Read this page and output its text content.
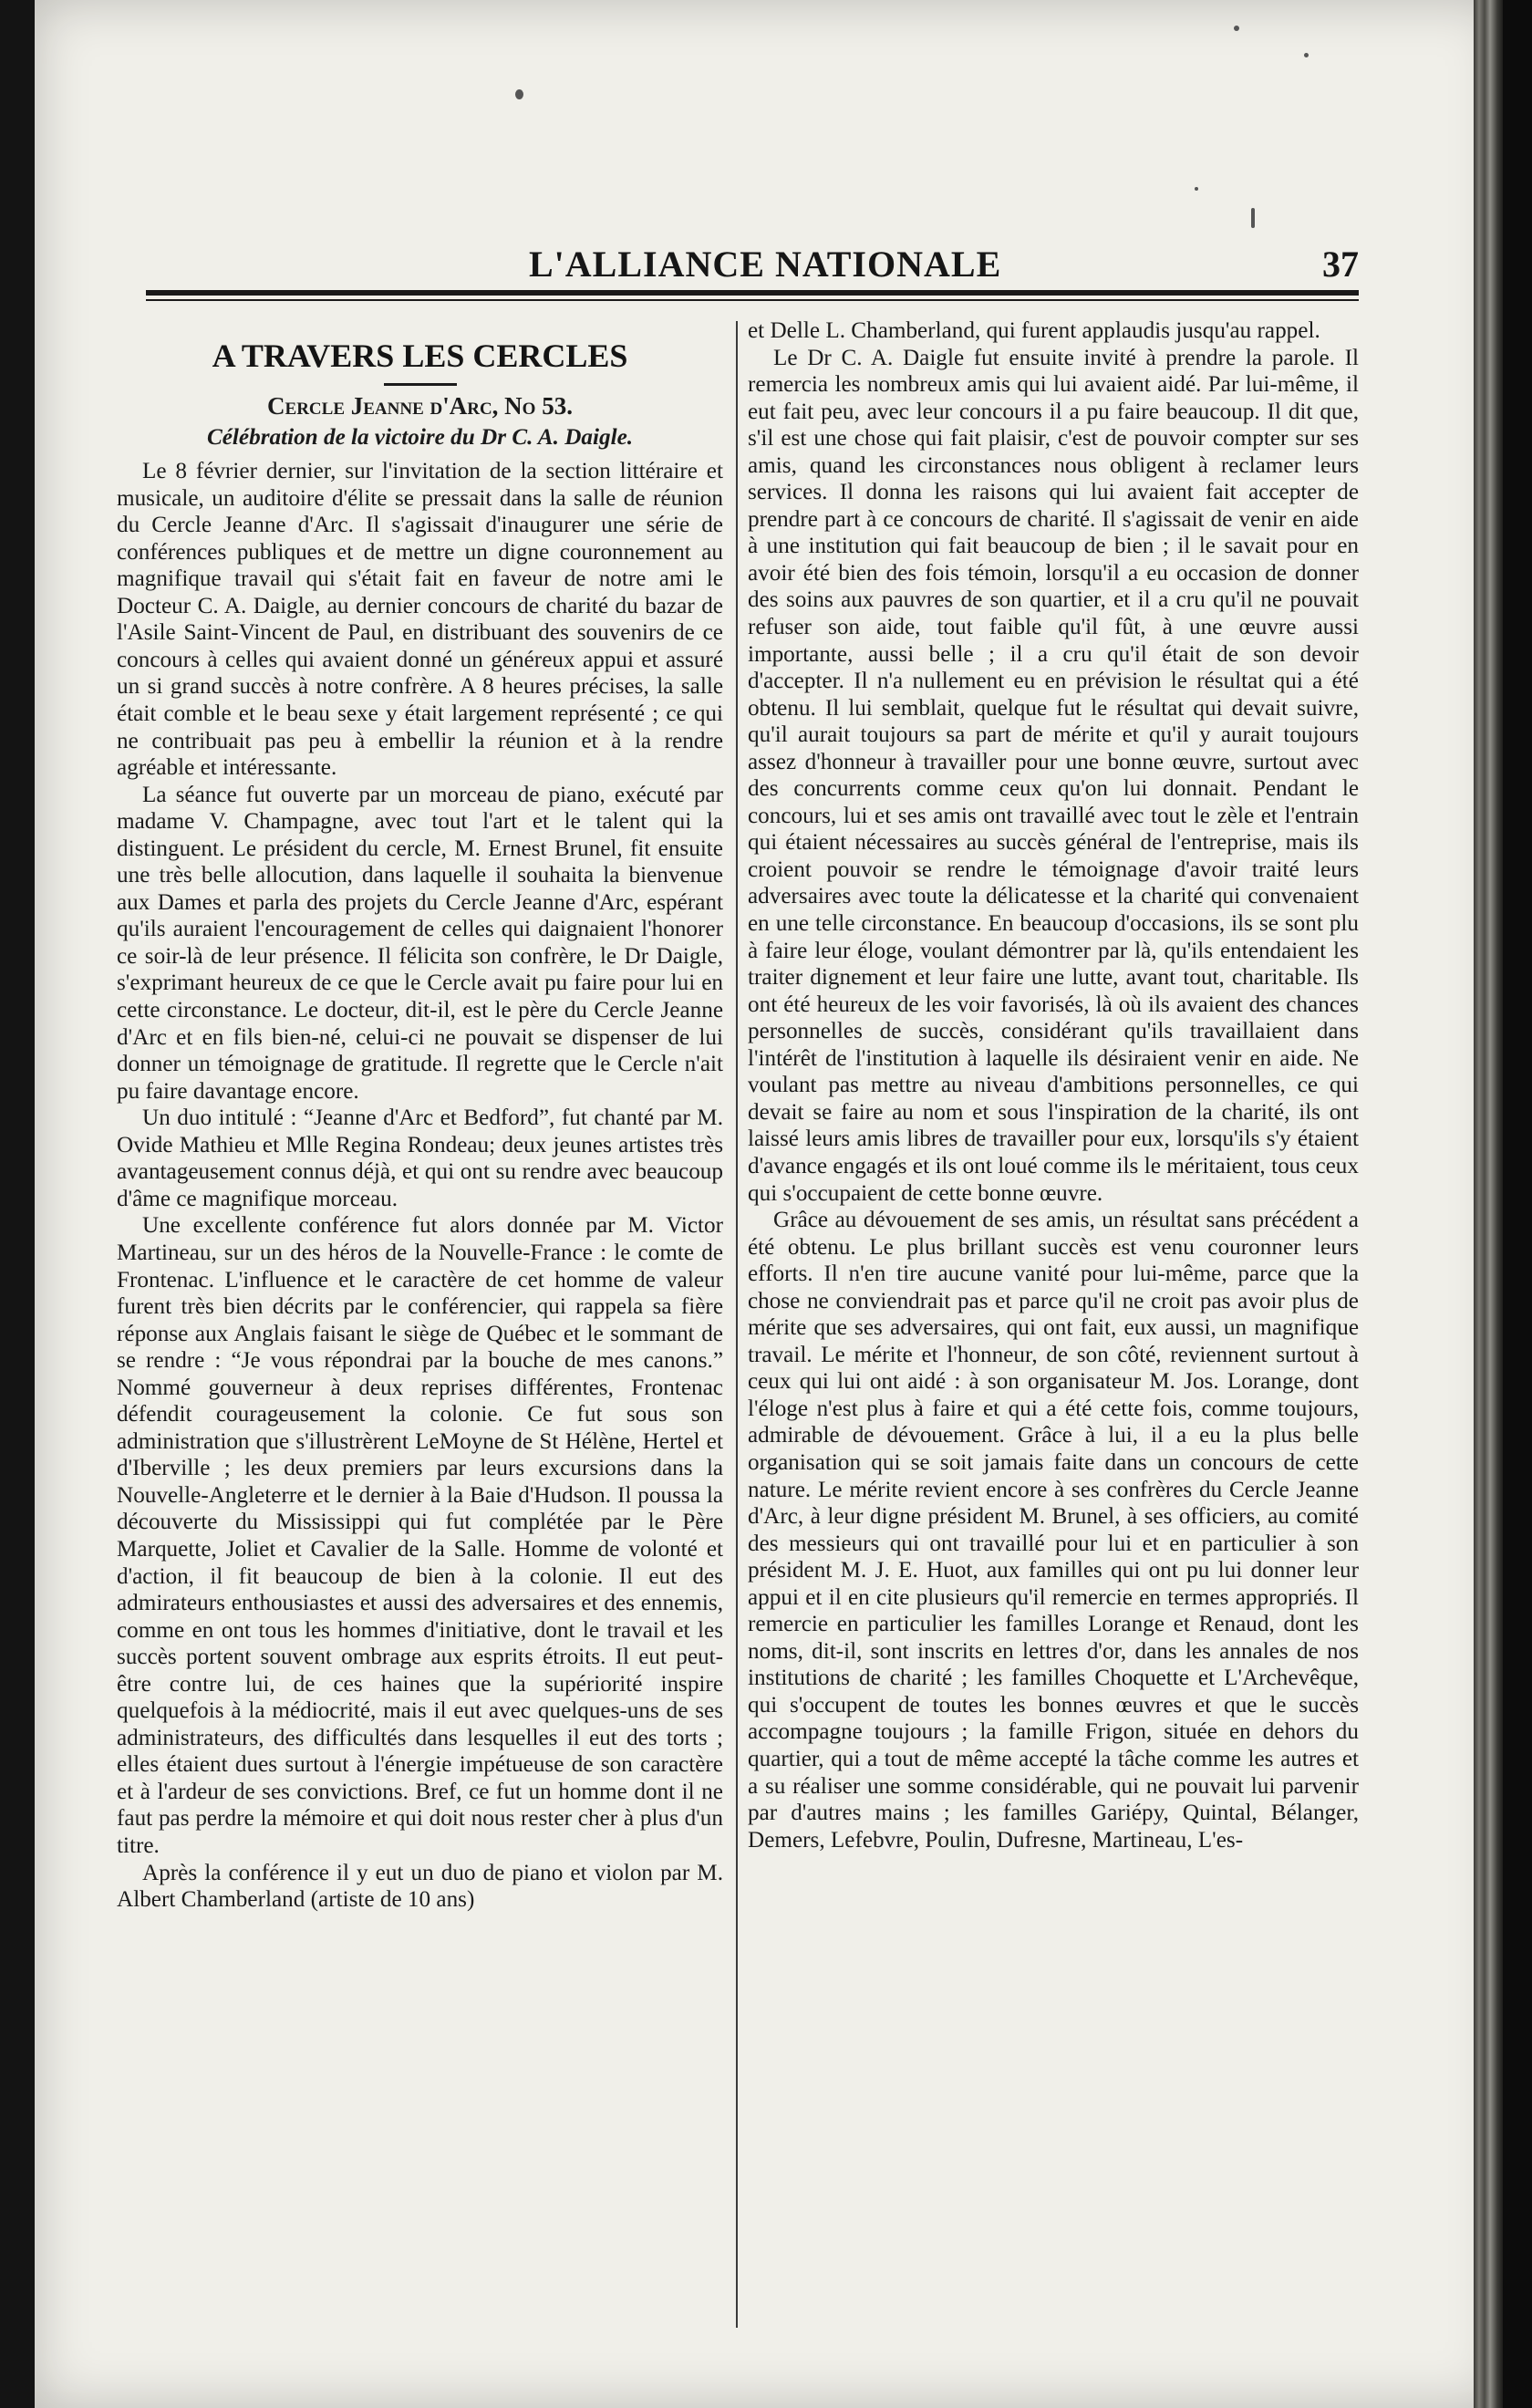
L'ALLIANCE NATIONALE	37
A TRAVERS LES CERCLES
Cercle Jeanne d'Arc, No 53.
Célébration de la victoire du Dr C. A. Daigle.

Le 8 février dernier, sur l'invitation de la section littéraire et musicale, un auditoire d'élite se pressait dans la salle de réunion du Cercle Jeanne d'Arc. Il s'agissait d'inaugurer une série de conférences publiques et de mettre un digne couronnement au magnifique travail qui s'était fait en faveur de notre ami le Docteur C. A. Daigle, au dernier concours de charité du bazar de l'Asile Saint-Vincent de Paul, en distribuant des souvenirs de ce concours à celles qui avaient donné un généreux appui et assuré un si grand succès à notre confrère. A 8 heures précises, la salle était comble et le beau sexe y était largement représenté ; ce qui ne contribuait pas peu à embellir la réunion et à la rendre agréable et intéressante.

La séance fut ouverte par un morceau de piano, exécuté par madame V. Champagne, avec tout l'art et le talent qui la distinguent. Le président du cercle, M. Ernest Brunel, fit ensuite une très belle allocution, dans laquelle il souhaita la bienvenue aux Dames et parla des projets du Cercle Jeanne d'Arc, espérant qu'ils auraient l'encouragement de celles qui daignaient l'honorer ce soir-là de leur présence. Il félicita son confrère, le Dr Daigle, s'exprimant heureux de ce que le Cercle avait pu faire pour lui en cette circonstance. Le docteur, dit-il, est le père du Cercle Jeanne d'Arc et en fils bien-né, celui-ci ne pouvait se dispenser de lui donner un témoignage de gratitude. Il regrette que le Cercle n'ait pu faire davantage encore.

Un duo intitulé : “Jeanne d'Arc et Bedford”, fut chanté par M. Ovide Mathieu et Mlle Regina Rondeau; deux jeunes artistes très avantageusement connus déjà, et qui ont su rendre avec beaucoup d'âme ce magnifique morceau.

Une excellente conférence fut alors donnée par M. Victor Martineau, sur un des héros de la Nouvelle-France : le comte de Frontenac. L'influence et le caractère de cet homme de valeur furent très bien décrits par le conférencier, qui rappela sa fière réponse aux Anglais faisant le siège de Québec et le sommant de se rendre : “Je vous répondrai par la bouche de mes canons.” Nommé gouverneur à deux reprises différentes, Frontenac défendit courageusement la colonie. Ce fut sous son administration que s'illustrèrent LeMoyne de St Hélène, Hertel et d'Iberville ; les deux premiers par leurs excursions dans la Nouvelle-Angleterre et le dernier à la Baie d'Hudson. Il poussa la découverte du Mississippi qui fut complétée par le Père Marquette, Joliet et Cavalier de la Salle. Homme de volonté et d'action, il fit beaucoup de bien à la colonie. Il eut des admirateurs enthousiastes et aussi des adversaires et des ennemis, comme en ont tous les hommes d'initiative, dont le travail et les succès portent souvent ombrage aux esprits étroits. Il eut peut-être contre lui, de ces haines que la supériorité inspire quelquefois à la médiocrité, mais il eut avec quelques-uns de ses administrateurs, des difficultés dans lesquelles il eut des torts ; elles étaient dues surtout à l'énergie impétueuse de son caractère et à l'ardeur de ses convictions. Bref, ce fut un homme dont il ne faut pas perdre la mémoire et qui doit nous rester cher à plus d'un titre.

Après la conférence il y eut un duo de piano et violon par M. Albert Chamberland (artiste de 10 ans)

et Delle L. Chamberland, qui furent applaudis jusqu'au rappel.

Le Dr C. A. Daigle fut ensuite invité à prendre la parole. Il remercia les nombreux amis qui lui avaient aidé. Par lui-même, il eut fait peu, avec leur concours il a pu faire beaucoup. Il dit que, s'il est une chose qui fait plaisir, c'est de pouvoir compter sur ses amis, quand les circonstances nous obligent à reclamer leurs services. Il donna les raisons qui lui avaient fait accepter de prendre part à ce concours de charité. Il s'agissait de venir en aide à une institution qui fait beaucoup de bien ; il le savait pour en avoir été bien des fois témoin, lorsqu'il a eu occasion de donner des soins aux pauvres de son quartier, et il a cru qu'il ne pouvait refuser son aide, tout faible qu'il fût, à une œuvre aussi importante, aussi belle ; il a cru qu'il était de son devoir d'accepter. Il n'a nullement eu en prévision le résultat qui a été obtenu. Il lui semblait, quelque fut le résultat qui devait suivre, qu'il aurait toujours sa part de mérite et qu'il y aurait toujours assez d'honneur à travailler pour une bonne œuvre, surtout avec des concurrents comme ceux qu'on lui donnait. Pendant le concours, lui et ses amis ont travaillé avec tout le zèle et l'entrain qui étaient nécessaires au succès général de l'entreprise, mais ils croient pouvoir se rendre le témoignage d'avoir traité leurs adversaires avec toute la délicatesse et la charité qui convenaient en une telle circonstance. En beaucoup d'occasions, ils se sont plu à faire leur éloge, voulant démontrer par là, qu'ils entendaient les traiter dignement et leur faire une lutte, avant tout, charitable. Ils ont été heureux de les voir favorisés, là où ils avaient des chances personnelles de succès, considérant qu'ils travaillaient dans l'intérêt de l'institution à laquelle ils désiraient venir en aide. Ne voulant pas mettre au niveau d'ambitions personnelles, ce qui devait se faire au nom et sous l'inspiration de la charité, ils ont laissé leurs amis libres de travailler pour eux, lorsqu'ils s'y étaient d'avance engagés et ils ont loué comme ils le méritaient, tous ceux qui s'occupaient de cette bonne œuvre.

Grâce au dévouement de ses amis, un résultat sans précédent a été obtenu. Le plus brillant succès est venu couronner leurs efforts. Il n'en tire aucune vanité pour lui-même, parce que la chose ne conviendrait pas et parce qu'il ne croit pas avoir plus de mérite que ses adversaires, qui ont fait, eux aussi, un magnifique travail. Le mérite et l'honneur, de son côté, reviennent surtout à ceux qui lui ont aidé : à son organisateur M. Jos. Lorange, dont l'éloge n'est plus à faire et qui a été cette fois, comme toujours, admirable de dévouement. Grâce à lui, il a eu la plus belle organisation qui se soit jamais faite dans un concours de cette nature. Le mérite revient encore à ses confrères du Cercle Jeanne d'Arc, à leur digne président M. Brunel, à ses officiers, au comité des messieurs qui ont travaillé pour lui et en particulier à son président M. J. E. Huot, aux familles qui ont pu lui donner leur appui et il en cite plusieurs qu'il remercie en termes appropriés. Il remercie en particulier les familles Lorange et Renaud, dont les noms, dit-il, sont inscrits en lettres d'or, dans les annales de nos institutions de charité ; les familles Choquette et L'Archevêque, qui s'occupent de toutes les bonnes œuvres et que le succès accompagne toujours ; la famille Frigon, située en dehors du quartier, qui a tout de même accepté la tâche comme les autres et a su réaliser une somme considérable, qui ne pouvait lui parvenir par d'autres mains ; les familles Gariépy, Quintal, Bélanger, Demers, Lefebvre, Poulin, Dufresne, Martineau, L'es-
